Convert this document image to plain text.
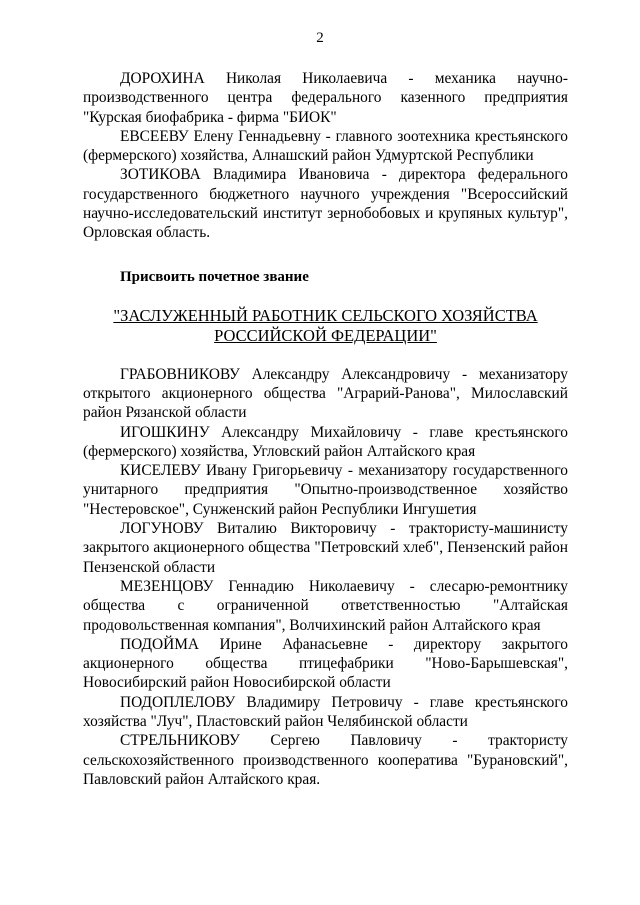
2

ДОРОХИНА Николая Николаевича - механика научно-производственного центра федерального казенного предприятия "Курская биофабрика - фирма "БИОК"

ЕВСЕЕВУ Елену Геннадьевну - главного зоотехника крестьянского (фермерского) хозяйства, Алнашский район Удмуртской Республики

ЗОТИКОВА Владимира Ивановича - директора федерального государственного бюджетного научного учреждения "Всероссийский научно-исследовательский институт зернобобовых и крупяных культур", Орловская область.

Присвоить почетное звание

"ЗАСЛУЖЕННЫЙ РАБОТНИК СЕЛЬСКОГО ХОЗЯЙСТВА
РОССИЙСКОЙ ФЕДЕРАЦИИ"

ГРАБОВНИКОВУ Александру Александровичу - механизатору открытого акционерного общества "Аграрий-Ранова", Милославский район Рязанской области

ИГОШКИНУ Александру Михайловичу - главе крестьянского (фермерского) хозяйства, Угловский район Алтайского края

КИСЕЛЕВУ Ивану Григорьевичу - механизатору государственного унитарного предприятия "Опытно-производственное хозяйство "Нестеровское", Сунженский район Республики Ингушетия

ЛОГУНОВУ Виталию Викторовичу - трактористу-машинисту закрытого акционерного общества "Петровский хлеб", Пензенский район Пензенской области

МЕЗЕНЦОВУ Геннадию Николаевичу - слесарю-ремонтнику общества с ограниченной ответственностью "Алтайская продовольственная компания", Волчихинский район Алтайского края

ПОДОЙМА Ирине Афанасьевне - директору закрытого акционерного общества птицефабрики "Ново-Барышевская", Новосибирский район Новосибирской области

ПОДОПЛЕЛОВУ Владимиру Петровичу - главе крестьянского хозяйства "Луч", Пластовский район Челябинской области

СТРЕЛЬНИКОВУ Сергею Павловичу - трактористу сельскохозяйственного производственного кооператива "Бурановский", Павловский район Алтайского края.
